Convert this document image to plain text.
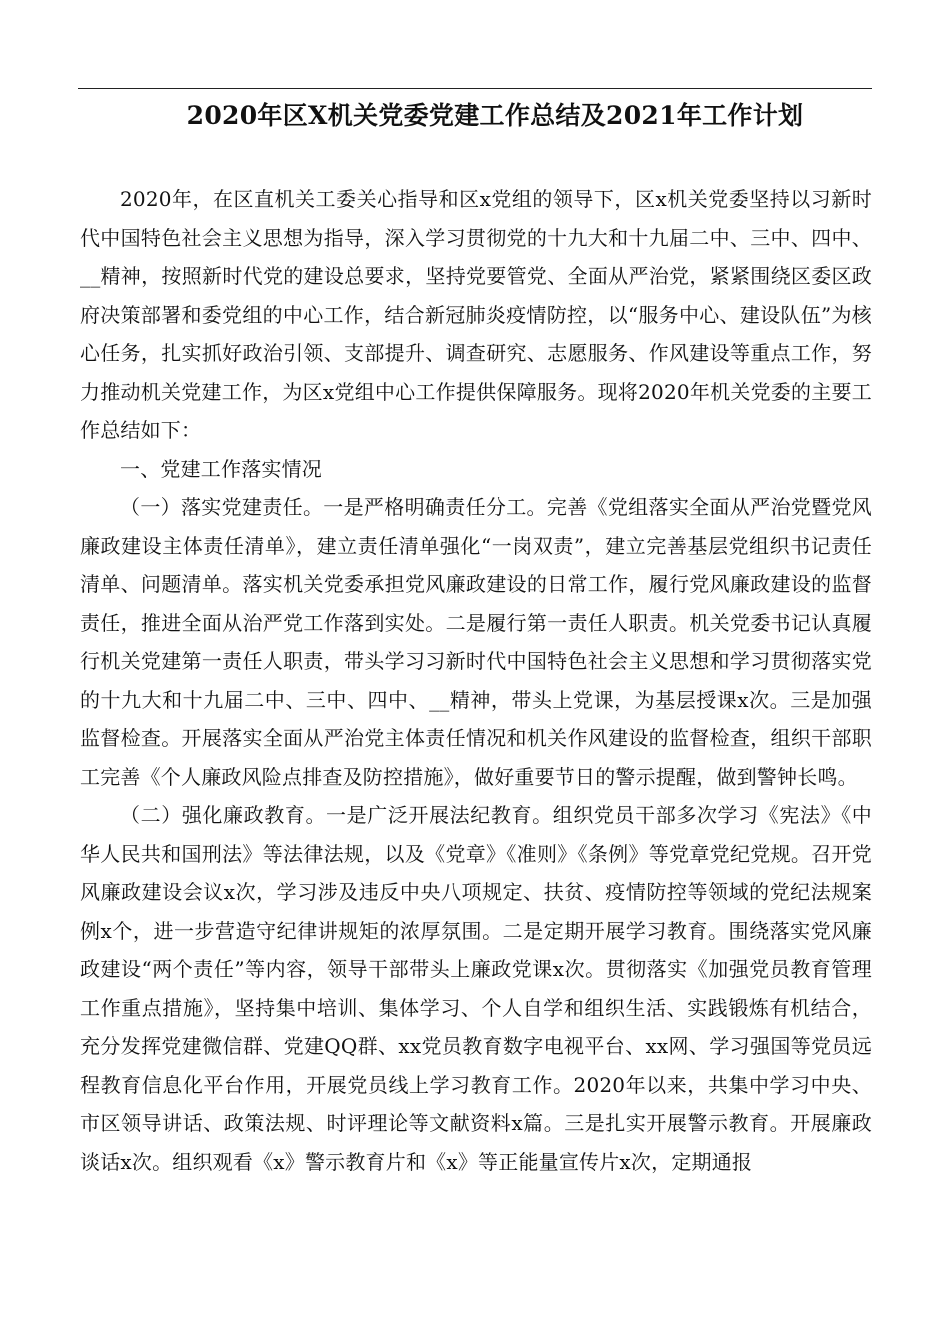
2020年区X机关党委党建工作总结及2021年工作计划

2020年，在区直机关工委关心指导和区x党组的领导下，区x机关党委坚持以习新时代中国特色社会主义思想为指导，深入学习贯彻党的十九大和十九届二中、三中、四中、__精神，按照新时代党的建设总要求，坚持党要管党、全面从严治党，紧紧围绕区委区政府决策部署和委党组的中心工作，结合新冠肺炎疫情防控，以“服务中心、建设队伍”为核心任务，扎实抓好政治引领、支部提升、调查研究、志愿服务、作风建设等重点工作，努力推动机关党建工作，为区x党组中心工作提供保障服务。现将2020年机关党委的主要工作总结如下：

一、党建工作落实情况

（一）落实党建责任。一是严格明确责任分工。完善《党组落实全面从严治党暨党风廉政建设主体责任清单》，建立责任清单强化“一岗双责”，建立完善基层党组织书记责任清单、问题清单。落实机关党委承担党风廉政建设的日常工作，履行党风廉政建设的监督责任，推进全面从治严党工作落到实处。二是履行第一责任人职责。机关党委书记认真履行机关党建第一责任人职责，带头学习习新时代中国特色社会主义思想和学习贯彻落实党的十九大和十九届二中、三中、四中、__精神，带头上党课，为基层授课x次。三是加强监督检查。开展落实全面从严治党主体责任情况和机关作风建设的监督检查，组织干部职工完善《个人廉政风险点排查及防控措施》，做好重要节日的警示提醒，做到警钟长鸣。

（二）强化廉政教育。一是广泛开展法纪教育。组织党员干部多次学习《宪法》《中华人民共和国刑法》等法律法规，以及《党章》《准则》《条例》等党章党纪党规。召开党风廉政建设会议x次，学习涉及违反中央八项规定、扶贫、疫情防控等领域的党纪法规案例x个，进一步营造守纪律讲规矩的浓厚氛围。二是定期开展学习教育。围绕落实党风廉政建设“两个责任”等内容，领导干部带头上廉政党课x次。贯彻落实《加强党员教育管理工作重点措施》，坚持集中培训、集体学习、个人自学和组织生活、实践锻炼有机结合，充分发挥党建微信群、党建QQ群、xx党员教育数字电视平台、xx网、学习强国等党员远程教育信息化平台作用，开展党员线上学习教育工作。2020年以来，共集中学习中央、市区领导讲话、政策法规、时评理论等文献资料x篇。三是扎实开展警示教育。开展廉政谈话x次。组织观看《x》警示教育片和《x》等正能量宣传片x次，定期通报
